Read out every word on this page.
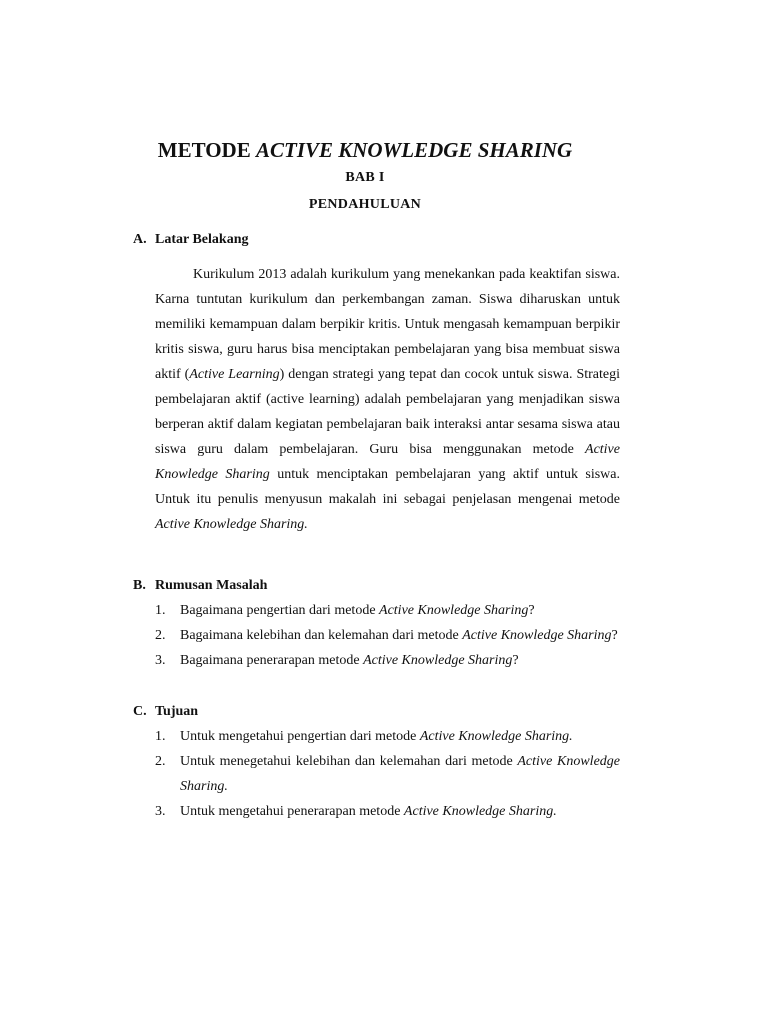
METODE ACTIVE KNOWLEDGE SHARING

BAB I

PENDAHULUAN

A. Latar Belakang

Kurikulum 2013 adalah kurikulum yang menekankan pada keaktifan siswa. Karna tuntutan kurikulum dan perkembangan zaman. Siswa diharuskan untuk memiliki kemampuan dalam berpikir kritis. Untuk mengasah kemampuan berpikir kritis siswa, guru harus bisa menciptakan pembelajaran yang bisa membuat siswa aktif (Active Learning) dengan strategi yang tepat dan cocok untuk siswa. Strategi pembelajaran aktif (active learning) adalah pembelajaran yang menjadikan siswa berperan aktif dalam kegiatan pembelajaran baik interaksi antar sesama siswa atau siswa guru dalam pembelajaran. Guru bisa menggunakan metode Active Knowledge Sharing untuk menciptakan pembelajaran yang aktif untuk siswa. Untuk itu penulis menyusun makalah ini sebagai penjelasan mengenai metode Active Knowledge Sharing.

B. Rumusan Masalah
1.	Bagaimana pengertian dari metode Active Knowledge Sharing?
2.	Bagaimana kelebihan dan kelemahan dari metode Active Knowledge Sharing?
3.	Bagaimana penerarapan metode Active Knowledge Sharing?
C. Tujuan
1.	Untuk mengetahui pengertian dari metode Active Knowledge Sharing.
2.	Untuk menegetahui kelebihan dan kelemahan dari metode Active Knowledge Sharing.
3.	Untuk mengetahui penerarapan metode Active Knowledge Sharing.
